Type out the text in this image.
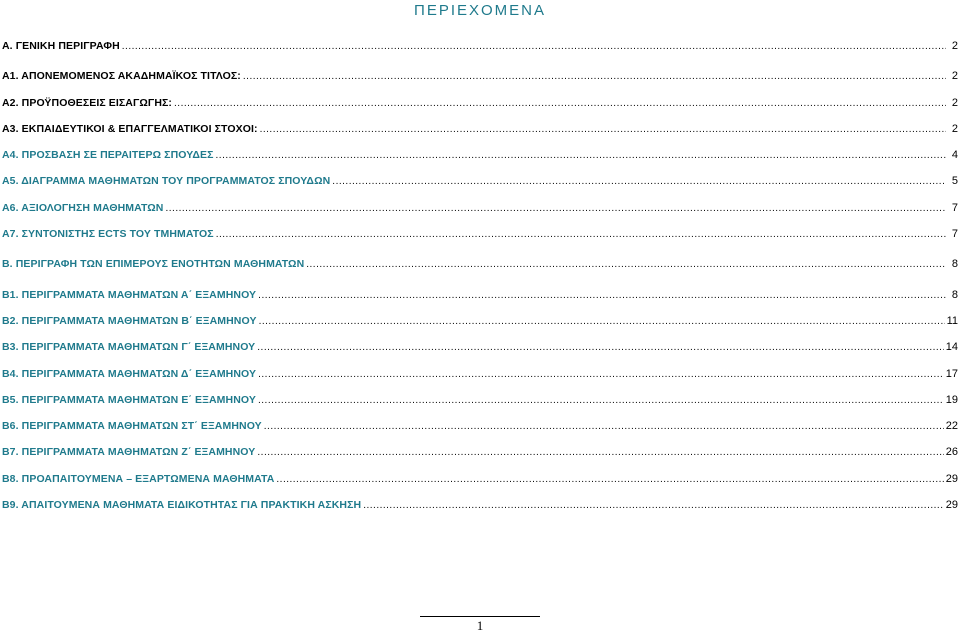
ΠΕΡΙΕΧΟΜΕΝΑ
Α. ΓΕΝΙΚΗ ΠΕΡΙΓΡΑΦΗ .....	2
Α1. ΑΠΟΝΕΜΟΜΕΝΟΣ ΑΚΑΔΗΜΑΪΚΟΣ ΤΙΤΛΟΣ: .....	2
Α2. ΠΡΟΫΠΟΘΕΣΕΙΣ ΕΙΣΑΓΩΓΗΣ: .....	2
Α3. ΕΚΠΑΙΔΕΥΤΙΚΟΙ & ΕΠΑΓΓΕΛΜΑΤΙΚΟΙ ΣΤΟΧΟΙ: .....	2
Α4. ΠΡΟΣΒΑΣΗ ΣΕ ΠΕΡΑΙΤΕΡΩ ΣΠΟΥΔΕΣ .....	4
Α5. ΔΙΑΓΡΑΜΜΑ ΜΑΘΗΜΑΤΩΝ ΤΟΥ ΠΡΟΓΡΑΜΜΑΤΟΣ ΣΠΟΥΔΩΝ .....	5
Α6. ΑΞΙΟΛΟΓΗΣΗ ΜΑΘΗΜΑΤΩΝ .....	7
Α7. ΣΥΝΤΟΝΙΣΤΗΣ ECTS ΤΟΥ ΤΜΗΜΑΤΟΣ .....	7
Β. ΠΕΡΙΓΡΑΦΗ ΤΩΝ ΕΠΙΜΕΡΟΥΣ ΕΝΟΤΗΤΩΝ ΜΑΘΗΜΑΤΩΝ .....	8
Β1. ΠΕΡΙΓΡΑΜΜΑΤΑ ΜΑΘΗΜΑΤΩΝ Α΄ ΕΞΑΜΗΝΟΥ .....	8
Β2. ΠΕΡΙΓΡΑΜΜΑΤΑ ΜΑΘΗΜΑΤΩΝ Β΄ ΕΞΑΜΗΝΟΥ .....	11
Β3. ΠΕΡΙΓΡΑΜΜΑΤΑ ΜΑΘΗΜΑΤΩΝ Γ΄ ΕΞΑΜΗΝΟΥ .....	14
Β4. ΠΕΡΙΓΡΑΜΜΑΤΑ ΜΑΘΗΜΑΤΩΝ Δ΄ ΕΞΑΜΗΝΟΥ .....	17
Β5. ΠΕΡΙΓΡΑΜΜΑΤΑ ΜΑΘΗΜΑΤΩΝ Ε΄ ΕΞΑΜΗΝΟΥ .....	19
Β6. ΠΕΡΙΓΡΑΜΜΑΤΑ ΜΑΘΗΜΑΤΩΝ ΣΤ΄ ΕΞΑΜΗΝΟΥ .....	22
Β7. ΠΕΡΙΓΡΑΜΜΑΤΑ ΜΑΘΗΜΑΤΩΝ Ζ΄ ΕΞΑΜΗΝΟΥ .....	26
Β8. ΠΡΟΑΠΑΙΤΟΥΜΕΝΑ – ΕΞΑΡΤΩΜΕΝΑ ΜΑΘΗΜΑΤΑ .....	29
Β9. ΑΠΑΙΤΟΥΜΕΝΑ ΜΑΘΗΜΑΤΑ ΕΙΔΙΚΟΤΗΤΑΣ ΓΙΑ ΠΡΑΚΤΙΚΗ ΑΣΚΗΣΗ .....	29
1
